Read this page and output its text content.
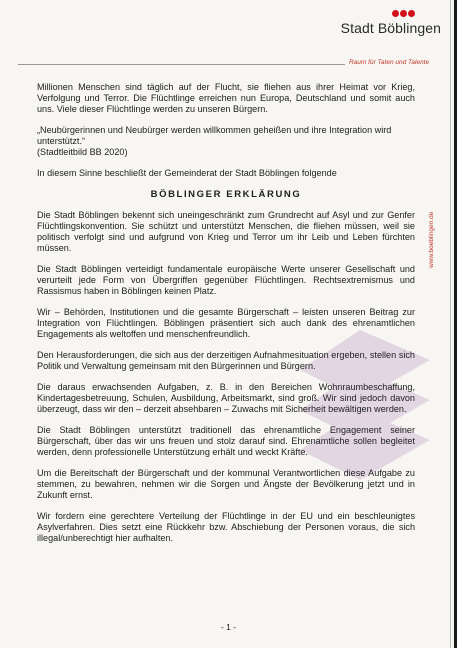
Stadt Böblingen
Raum für Taten und Talente
www.boeblingen.de

Millionen Menschen sind täglich auf der Flucht, sie fliehen aus ihrer Heimat vor Krieg, Verfolgung und Terror. Die Flüchtlinge erreichen nun Europa, Deutschland und somit auch uns. Viele dieser Flüchtlinge werden zu unseren Bürgern.

„Neubürgerinnen und Neubürger werden willkommen geheißen und ihre Integration wird unterstützt.“

(Stadtleitbild BB 2020)

In diesem Sinne beschließt der Gemeinderat der Stadt Böblingen folgende

BÖBLINGER ERKLÄRUNG

Die Stadt Böblingen bekennt sich uneingeschränkt zum Grundrecht auf Asyl und zur Genfer Flüchtlingskonvention. Sie schützt und unterstützt Menschen, die fliehen müssen, weil sie politisch verfolgt sind und aufgrund von Krieg und Terror um ihr Leib und Leben fürchten müssen.

Die Stadt Böblingen verteidigt fundamentale europäische Werte unserer Gesellschaft und verurteilt jede Form von Übergriffen gegenüber Flüchtlingen. Rechtsextremismus und Rassismus haben in Böblingen keinen Platz.

Wir – Behörden, Institutionen und die gesamte Bürgerschaft – leisten unseren Beitrag zur Integration von Flüchtlingen. Böblingen präsentiert sich auch dank des ehrenamtlichen Engagements als weltoffen und menschenfreundlich.

Den Herausforderungen, die sich aus der derzeitigen Aufnahmesituation ergeben, stellen sich Politik und Verwaltung gemeinsam mit den Bürgerinnen und Bürgern.

Die daraus erwachsenden Aufgaben, z. B. in den Bereichen Wohnraumbeschaffung, Kindertagesbetreuung, Schulen, Ausbildung, Arbeitsmarkt, sind groß. Wir sind jedoch davon überzeugt, dass wir den – derzeit absehbaren – Zuwachs mit Sicherheit bewältigen werden.

Die Stadt Böblingen unterstützt traditionell das ehrenamtliche Engagement seiner Bürgerschaft, über das wir uns freuen und stolz darauf sind. Ehrenamtliche sollen begleitet werden, denn professionelle Unterstützung erhält und weckt Kräfte.

Um die Bereitschaft der Bürgerschaft und der kommunal Verantwortlichen diese Aufgabe zu stemmen, zu bewahren, nehmen wir die Sorgen und Ängste der Bevölkerung jetzt und in Zukunft ernst.

Wir fordern eine gerechtere Verteilung der Flüchtlinge in der EU und ein beschleunigtes Asylverfahren. Dies setzt eine Rückkehr bzw. Abschiebung der Personen voraus, die sich illegal/unberechtigt hier aufhalten.

- 1 -
